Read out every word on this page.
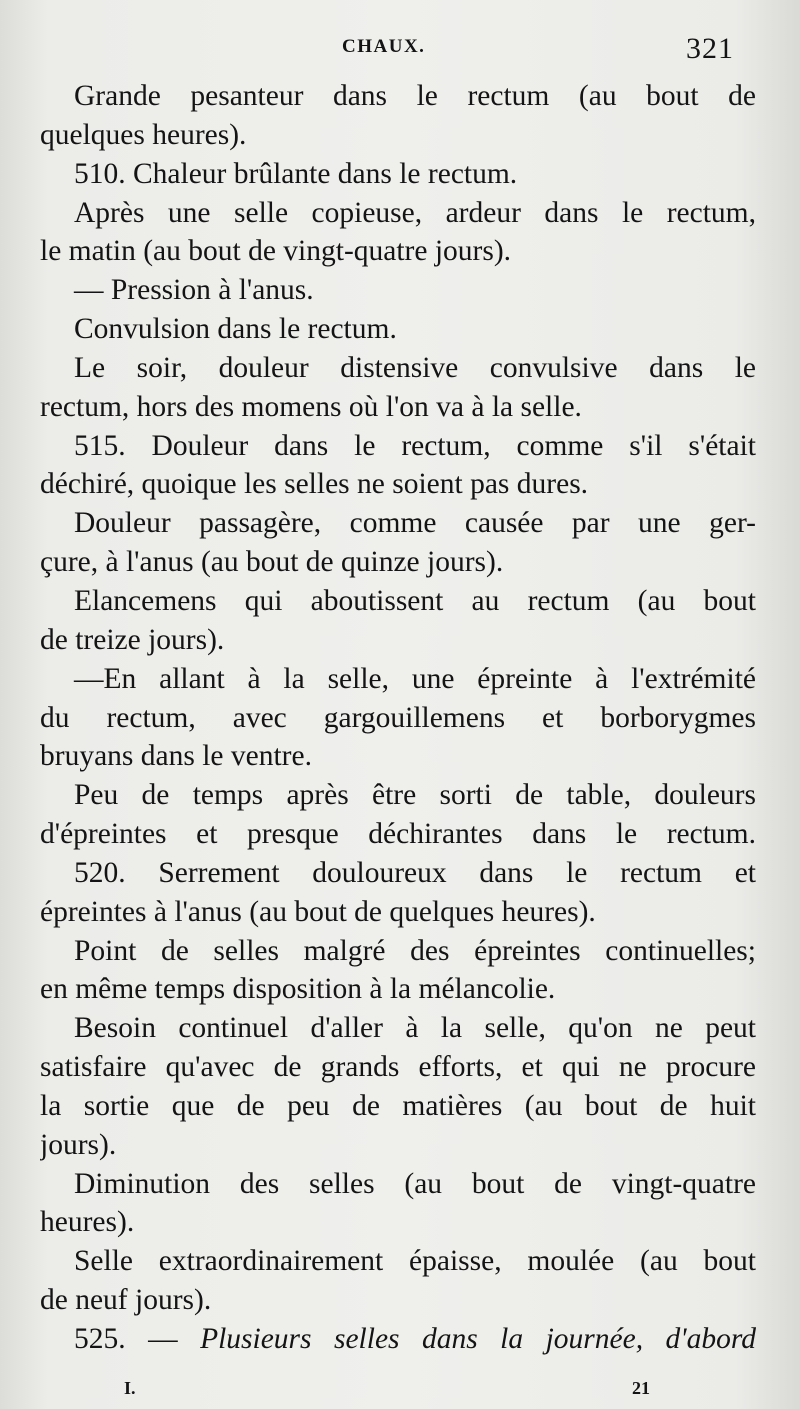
CHAUX.	321
Grande pesanteur dans le rectum (au bout de
quelques heures).
510. Chaleur brûlante dans le rectum.
Après une selle copieuse, ardeur dans le rectum,
le matin (au bout de vingt-quatre jours).
— Pression à l'anus.
Convulsion dans le rectum.
Le soir, douleur distensive convulsive dans le
rectum, hors des momens où l'on va à la selle.
515. Douleur dans le rectum, comme s'il s'était
déchiré, quoique les selles ne soient pas dures.
Douleur passagère, comme causée par une ger-
çure, à l'anus (au bout de quinze jours).
Elancemens qui aboutissent au rectum (au bout
de treize jours).
—En allant à la selle, une épreinte à l'extrémité
du rectum, avec gargouillemens et borborygmes
bruyans dans le ventre.
Peu de temps après être sorti de table, douleurs
d'épreintes et presque déchirantes dans le rectum.
520. Serrement douloureux dans le rectum et
épreintes à l'anus (au bout de quelques heures).
Point de selles malgré des épreintes continuelles;
en même temps disposition à la mélancolie.
Besoin continuel d'aller à la selle, qu'on ne peut
satisfaire qu'avec de grands efforts, et qui ne procure
la sortie que de peu de matières (au bout de huit
jours).
Diminution des selles (au bout de vingt-quatre
heures).
Selle extraordinairement épaisse, moulée (au bout
de neuf jours).
525. — Plusieurs selles dans la journée, d'abord
I.	21
